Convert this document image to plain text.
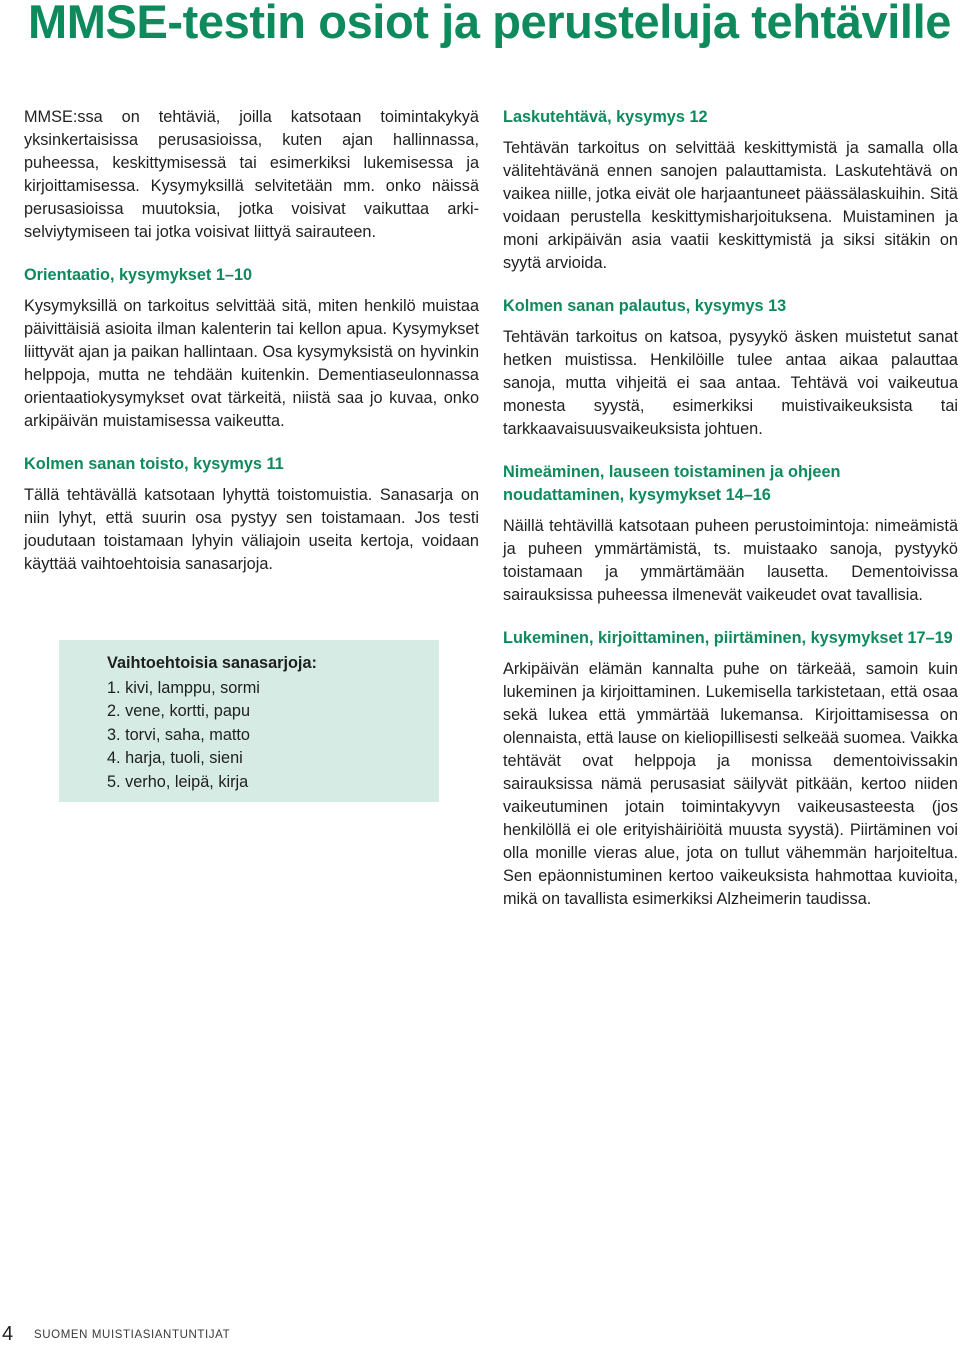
MMSE-testin osiot ja perusteluja tehtäville

MMSE:ssa on tehtäviä, joilla katsotaan toimintakykyä yksinkertaisissa perusasioissa, kuten ajan hallinnassa, puheessa, keskittymisessä tai esimerkiksi lukemisessa ja kirjoittamisessa. Kysymyksillä selvitetään mm. onko näissä perusasioissa muutoksia, jotka voisivat vaikuttaa arkiselviytymiseen tai jotka voisivat liittyä sairauteen.

Orientaatio, kysymykset 1–10

Kysymyksillä on tarkoitus selvittää sitä, miten henkilö muistaa päivittäisiä asioita ilman kalenterin tai kellon apua. Kysymykset liittyvät ajan ja paikan hallintaan. Osa kysymyksistä on hyvinkin helppoja, mutta ne tehdään kuitenkin. Dementiaseulonnassa orientaatiokysymykset ovat tärkeitä, niistä saa jo kuvaa, onko arkipäivän muistamisessa vaikeutta.

Kolmen sanan toisto, kysymys 11

Tällä tehtävällä katsotaan lyhyttä toistomuistia. Sanasarja on niin lyhyt, että suurin osa pystyy sen toistamaan. Jos testi joudutaan toistamaan lyhyin väliajoin useita kertoja, voidaan käyttää vaihtoehtoisia sanasarjoja.

Vaihtoehtoisia sanasarjoja:
1. kivi, lamppu, sormi
2. vene, kortti, papu
3. torvi, saha, matto
4. harja, tuoli, sieni
5. verho, leipä, kirja
Laskutehtävä, kysymys 12

Tehtävän tarkoitus on selvittää keskittymistä ja samalla olla välitehtävänä ennen sanojen palauttamista. Laskutehtävä on vaikea niille, jotka eivät ole harjaantuneet päässälaskuihin. Sitä voidaan perustella keskittymisharjoituksena. Muistaminen ja moni arkipäivän asia vaatii keskittymistä ja siksi sitäkin on syytä arvioida.

Kolmen sanan palautus, kysymys 13

Tehtävän tarkoitus on katsoa, pysyykö äsken muistetut sanat hetken muistissa. Henkilöille tulee antaa aikaa palauttaa sanoja, mutta vihjeitä ei saa antaa. Tehtävä voi vaikeutua monesta syystä, esimerkiksi muistivaikeuksista tai tarkkaavaisuusvaikeuksista johtuen.

Nimeäminen, lauseen toistaminen ja ohjeen noudattaminen, kysymykset 14–16

Näillä tehtävillä katsotaan puheen perustoimintoja: nimeämistä ja puheen ymmärtämistä, ts. muistaako sanoja, pystyykö toistamaan ja ymmärtämään lausetta. Dementoivissa sairauksissa puheessa ilmenevät vaikeudet ovat tavallisia.

Lukeminen, kirjoittaminen, piirtäminen, kysymykset 17–19

Arkipäivän elämän kannalta puhe on tärkeää, samoin kuin lukeminen ja kirjoittaminen. Lukemisella tarkistetaan, että osaa sekä lukea että ymmärtää lukemansa. Kirjoittamisessa on olennaista, että lause on kieliopillisesti selkeää suomea. Vaikka tehtävät ovat helppoja ja monissa dementoivissakin sairauksissa nämä perusasiat säilyvät pitkään, kertoo niiden vaikeutuminen jotain toimintakyvyn vaikeusasteesta (jos henkilöllä ei ole erityishäiriöitä muusta syystä). Piirtäminen voi olla monille vieras alue, jota on tullut vähemmän harjoiteltua. Sen epäonnistuminen kertoo vaikeuksista hahmottaa kuvioita, mikä on tavallista esimerkiksi Alzheimerin taudissa.

4 SUOMEN MUISTIASIANTUNTIJAT
